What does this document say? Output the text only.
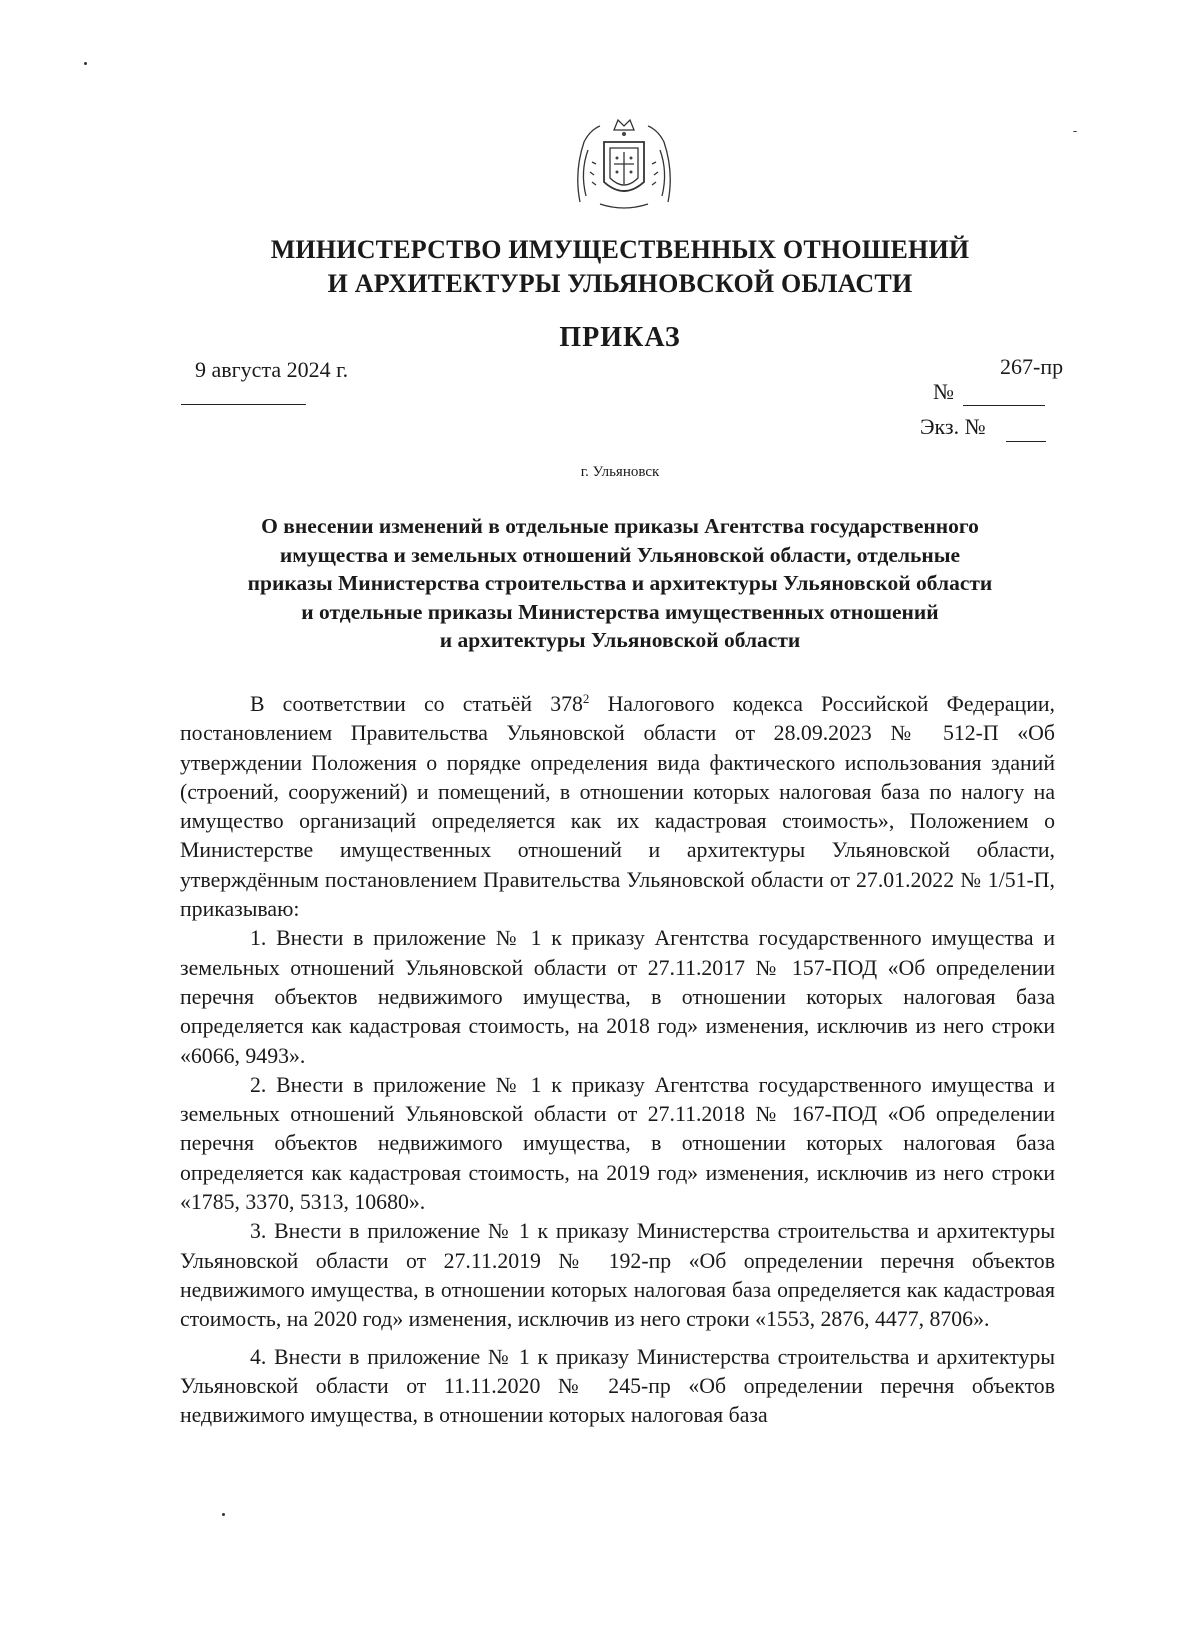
МИНИСТЕРСТВО ИМУЩЕСТВЕННЫХ ОТНОШЕНИЙ
И АРХИТЕКТУРЫ УЛЬЯНОВСКОЙ ОБЛАСТИ
ПРИКАЗ
9 августа 2024 г.	267-пр
№
Экз. №
г. Ульяновск
О внесении изменений в отдельные приказы Агентства государственного
имущества и земельных отношений Ульяновской области, отдельные
приказы Министерства строительства и архитектуры Ульяновской области
и отдельные приказы Министерства имущественных отношений
и архитектуры Ульяновской области

В соответствии со статьёй $378^2$ Налогового кодекса Российской Федерации, постановлением Правительства Ульяновской области от 28.09.2023 № 512-П «Об утверждении Положения о порядке определения вида фактического использования зданий (строений, сооружений) и помещений, в отношении которых налоговая база по налогу на имущество организаций определяется как их кадастровая стоимость», Положением о Министерстве имущественных отношений и архитектуры Ульяновской области, утверждённым постановлением Правительства Ульяновской области от 27.01.2022 № 1/51-П, приказываю:

1. Внести в приложение № 1 к приказу Агентства государственного имущества и земельных отношений Ульяновской области от 27.11.2017 № 157-ПОД «Об определении перечня объектов недвижимого имущества, в отношении которых налоговая база определяется как кадастровая стоимость, на 2018 год» изменения, исключив из него строки «6066, 9493».

2. Внести в приложение № 1 к приказу Агентства государственного имущества и земельных отношений Ульяновской области от 27.11.2018 № 167-ПОД «Об определении перечня объектов недвижимого имущества, в отношении которых налоговая база определяется как кадастровая стоимость, на 2019 год» изменения, исключив из него строки «1785, 3370, 5313, 10680».

3. Внести в приложение № 1 к приказу Министерства строительства и архитектуры Ульяновской области от 27.11.2019 № 192-пр «Об определении перечня объектов недвижимого имущества, в отношении которых налоговая база определяется как кадастровая стоимость, на 2020 год» изменения, исключив из него строки «1553, 2876, 4477, 8706».

4. Внести в приложение № 1 к приказу Министерства строительства и архитектуры Ульяновской области от 11.11.2020 № 245-пр «Об определении перечня объектов недвижимого имущества, в отношении которых налоговая база
